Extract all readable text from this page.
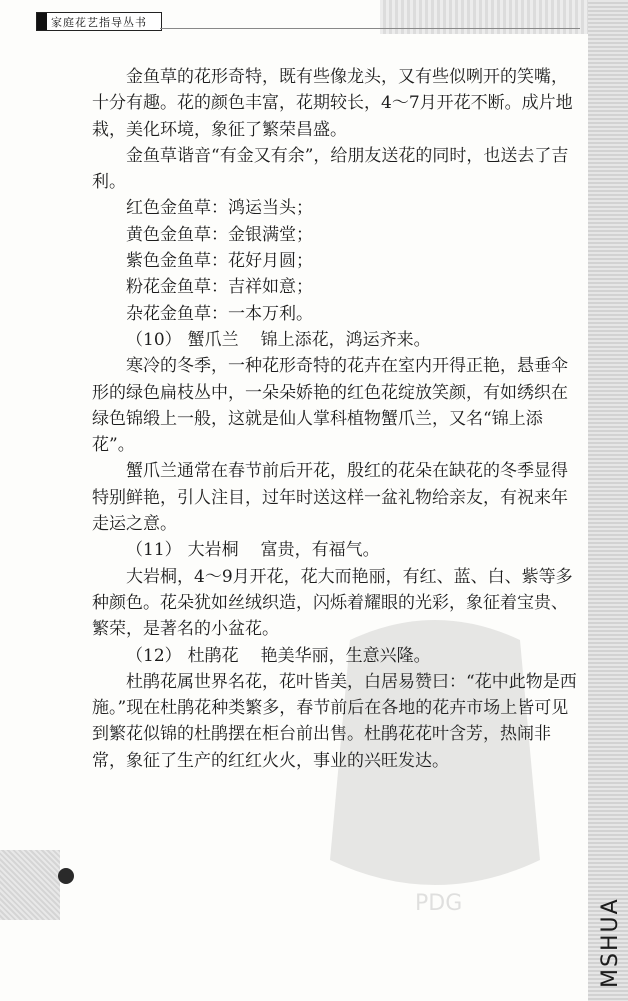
家庭花艺指导丛书
PDG

金鱼草的花形奇特，既有些像龙头，又有些似咧开的笑嘴，十分有趣。花的颜色丰富，花期较长，4～7月开花不断。成片地栽，美化环境，象征了繁荣昌盛。

金鱼草谐音“有金又有余”，给朋友送花的同时，也送去了吉利。

红色金鱼草：鸿运当头；

黄色金鱼草：金银满堂；

紫色金鱼草：花好月圆；

粉花金鱼草：吉祥如意；

杂花金鱼草：一本万利。

（10） 蟹爪兰 锦上添花，鸿运齐来。

寒冷的冬季，一种花形奇特的花卉在室内开得正艳，悬垂伞形的绿色扁枝丛中，一朵朵娇艳的红色花绽放笑颜，有如绣织在绿色锦缎上一般，这就是仙人掌科植物蟹爪兰，又名“锦上添花”。

蟹爪兰通常在春节前后开花，殷红的花朵在缺花的冬季显得特别鲜艳，引人注目，过年时送这样一盆礼物给亲友，有祝来年走运之意。

（11） 大岩桐 富贵，有福气。

大岩桐，4～9月开花，花大而艳丽，有红、蓝、白、紫等多种颜色。花朵犹如丝绒织造，闪烁着耀眼的光彩，象征着宝贵、繁荣，是著名的小盆花。

（12） 杜鹃花 艳美华丽，生意兴隆。

杜鹃花属世界名花，花叶皆美，白居易赞曰：“花中此物是西施。”现在杜鹃花种类繁多，春节前后在各地的花卉市场上皆可见到繁花似锦的杜鹃摆在柜台前出售。杜鹃花花叶含芳，热闹非常，象征了生产的红红火火，事业的兴旺发达。

MSHUA
